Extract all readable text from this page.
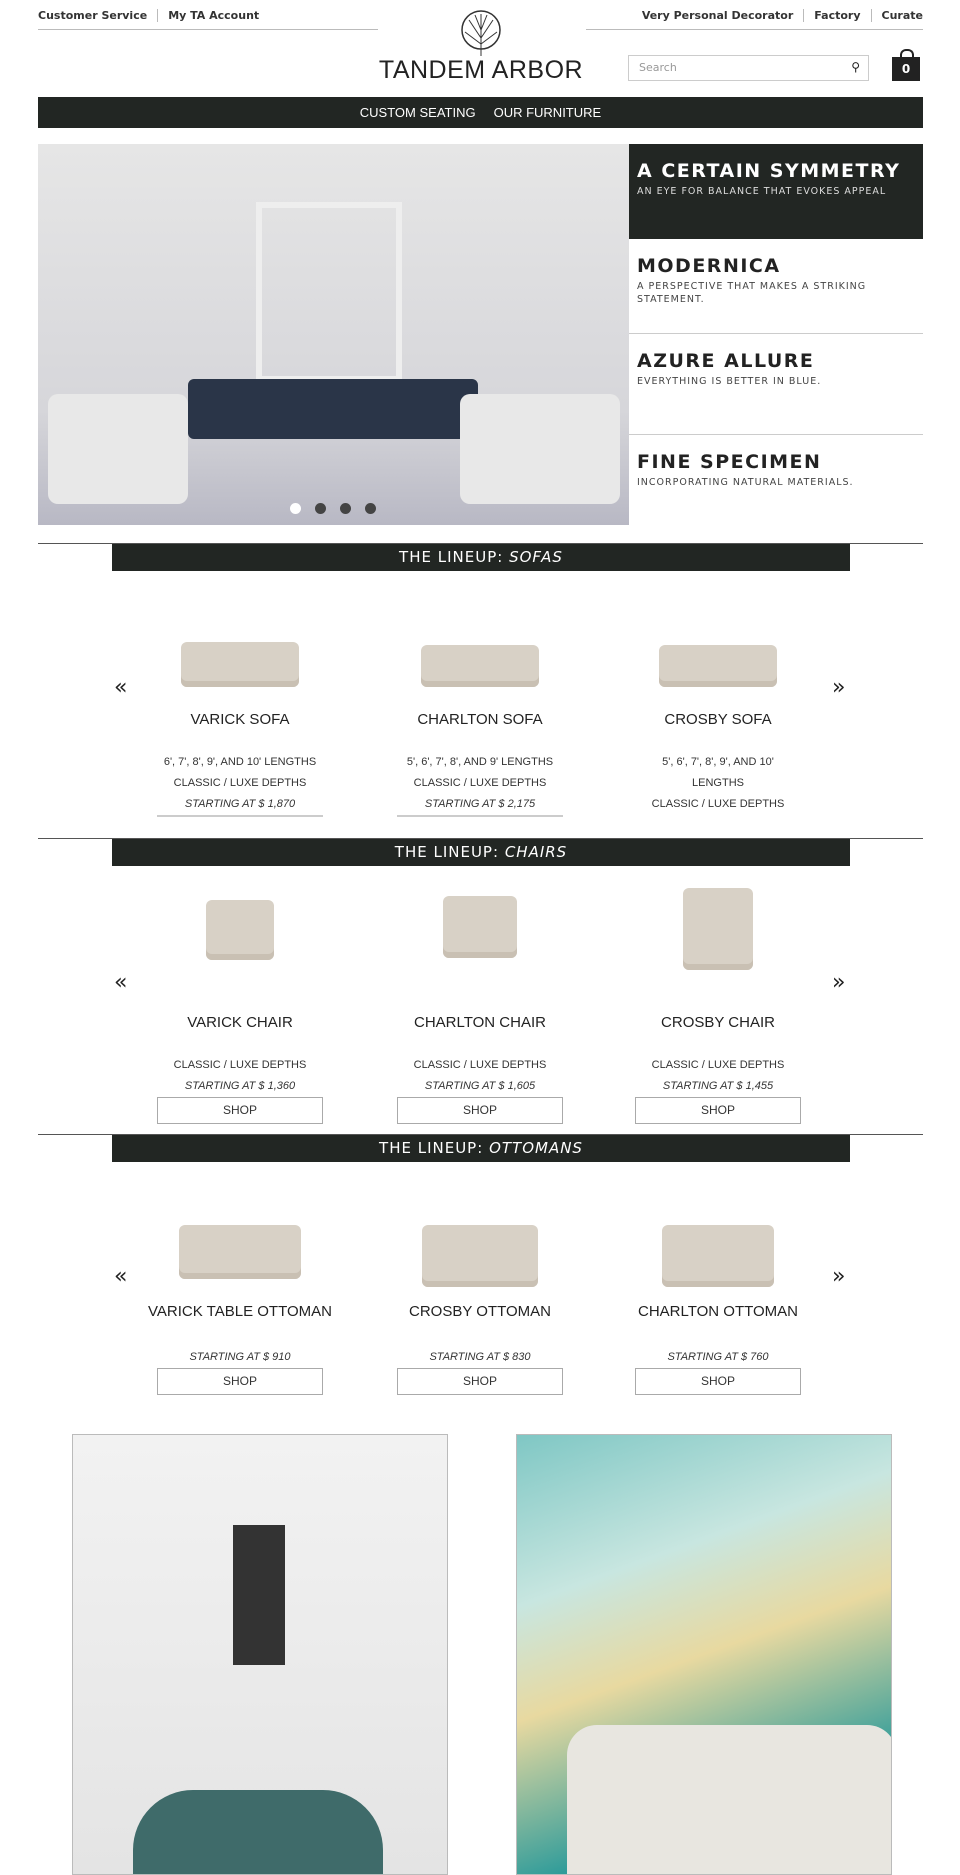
Customer Service	My TA Account	Very Personal Decorator	Factory	Curate
TANDEM ARBOR	Search	⚲	0
CUSTOM SEATING OUR FURNITURE
A CERTAIN SYMMETRY

AN EYE FOR BALANCE THAT EVOKES APPEAL

MODERNICA

A PERSPECTIVE THAT MAKES A STRIKING STATEMENT.

AZURE ALLURE

EVERYTHING IS BETTER IN BLUE.

FINE SPECIMEN

INCORPORATING NATURAL MATERIALS.

THE LINEUP: SOFAS
«	»
VARICK SOFA
6', 7', 8', 9', AND 10' LENGTHS
CLASSIC / LUXE DEPTHS
STARTING AT $ 1,870
CHARLTON SOFA
5', 6', 7', 8', AND 9' LENGTHS
CLASSIC / LUXE DEPTHS
STARTING AT $ 2,175
CROSBY SOFA
5', 6', 7', 8', 9', AND 10' LENGTHS
CLASSIC / LUXE DEPTHS
THE LINEUP: CHAIRS
«	»
VARICK CHAIR
CLASSIC / LUXE DEPTHS
STARTING AT $ 1,360
SHOP
CHARLTON CHAIR
CLASSIC / LUXE DEPTHS
STARTING AT $ 1,605
SHOP
CROSBY CHAIR
CLASSIC / LUXE DEPTHS
STARTING AT $ 1,455
SHOP
THE LINEUP: OTTOMANS
«	»
VARICK TABLE OTTOMAN
STARTING AT $ 910
SHOP
CROSBY OTTOMAN
STARTING AT $ 830
SHOP
CHARLTON OTTOMAN
STARTING AT $ 760
SHOP
